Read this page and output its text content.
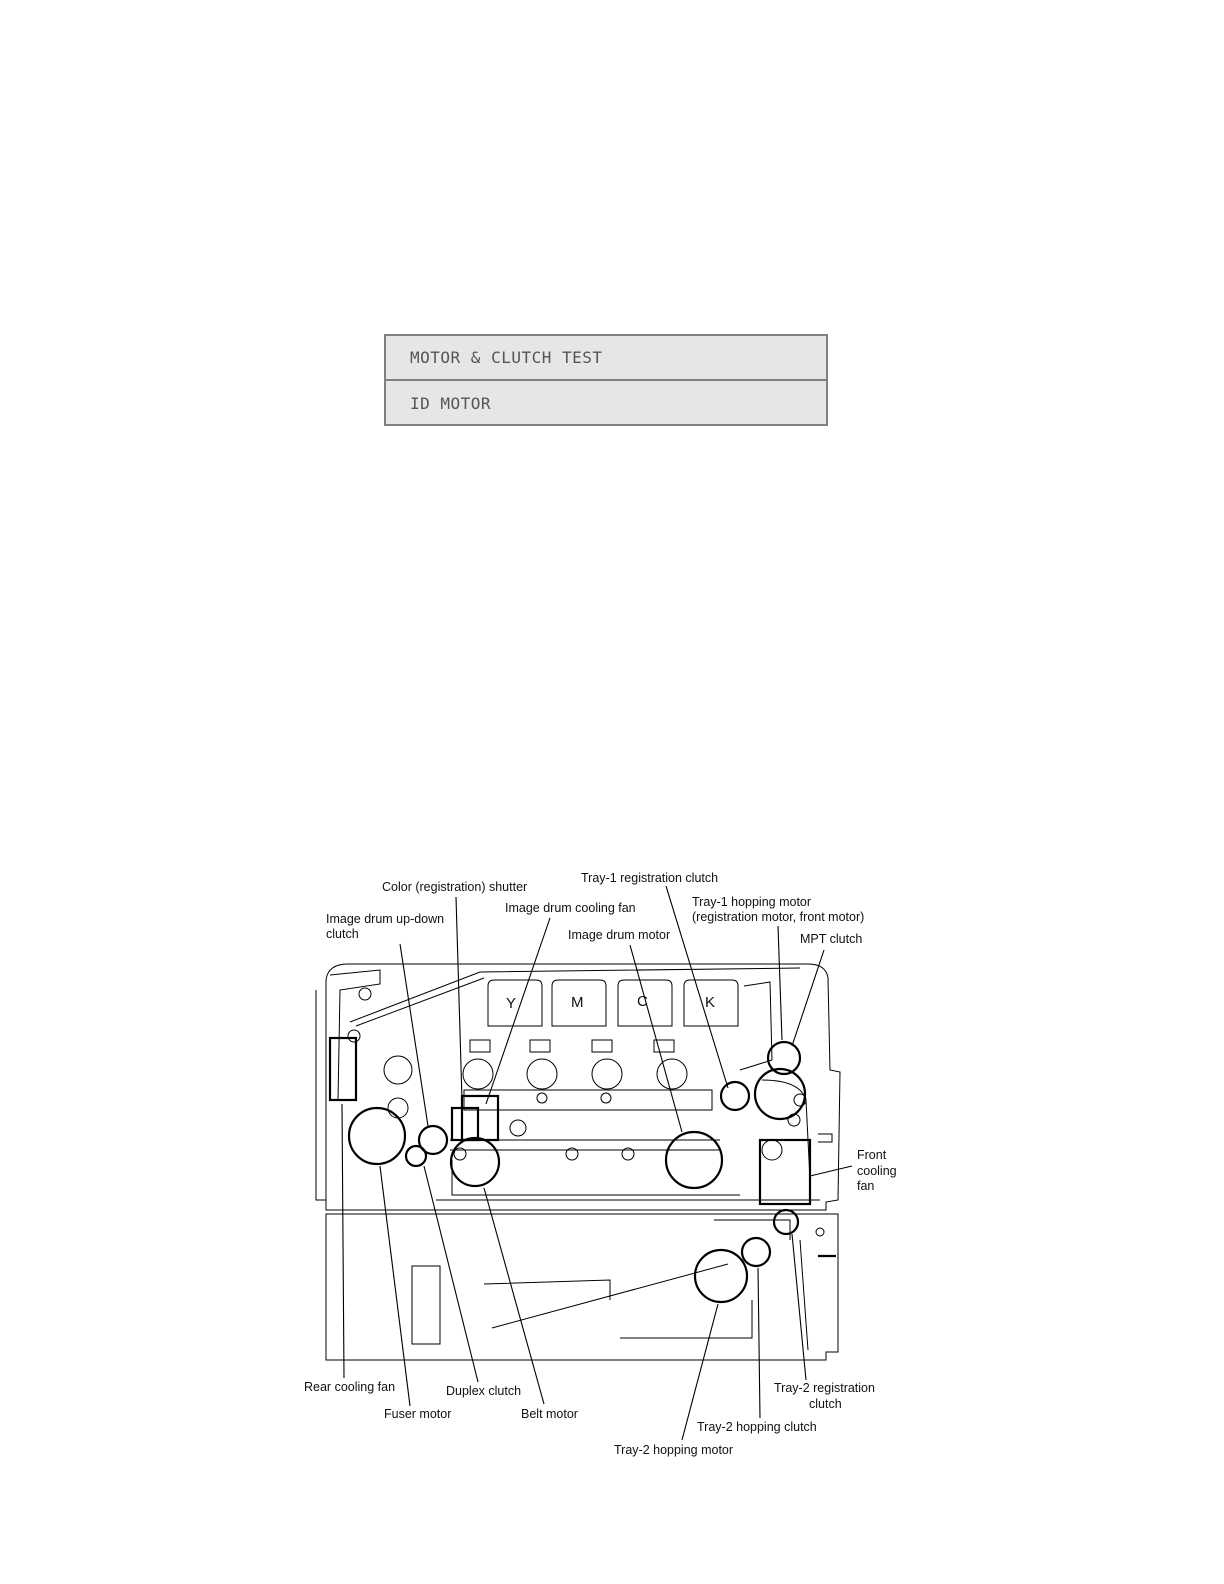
MOTOR & CLUTCH TEST
ID MOTOR
Y	M	C	K
Color (registration) shutter
Tray-1 registration clutch
Image drum up-down
clutch
Image drum cooling fan	Tray-1 hopping motor
(registration motor, front motor)
Image drum motor	MPT clutch
Front
cooling
fan
Rear cooling fan	Duplex clutch	Tray-2 registration
clutch
Fuser motor	Belt motor
Tray-2 hopping clutch
Tray-2 hopping motor
